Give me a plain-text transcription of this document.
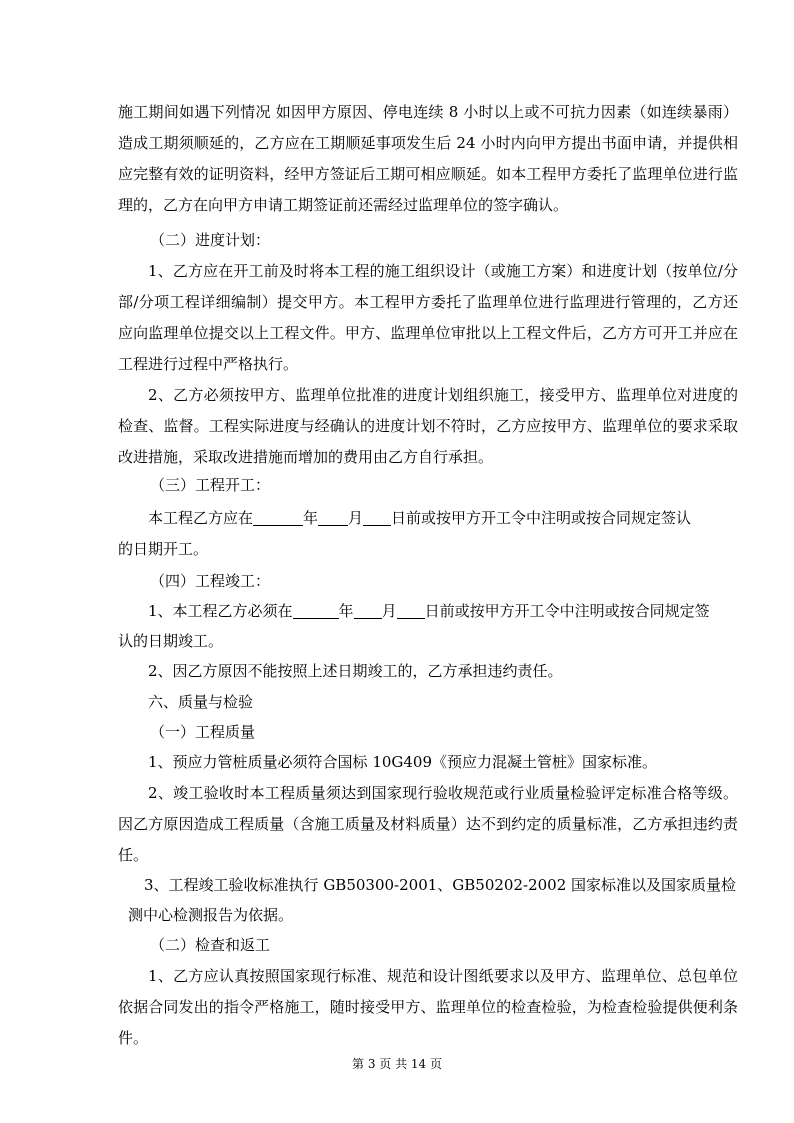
施工期间如遇下列情况 如因甲方原因、停电连续 8 小时以上或不可抗力因素（如连续暴雨）造成工期须顺延的，乙方应在工期顺延事项发生后 24 小时内向甲方提出书面申请，并提供相应完整有效的证明资料，经甲方签证后工期可相应顺延。如本工程甲方委托了监理单位进行监理的，乙方在向甲方申请工期签证前还需经过监理单位的签字确认。

（二）进度计划：

1、乙方应在开工前及时将本工程的施工组织设计（或施工方案）和进度计划（按单位/分部/分项工程详细编制）提交甲方。本工程甲方委托了监理单位进行监理进行管理的，乙方还应向监理单位提交以上工程文件。甲方、监理单位审批以上工程文件后，乙方方可开工并应在工程进行过程中严格执行。

2、乙方必须按甲方、监理单位批准的进度计划组织施工，接受甲方、监理单位对进度的检查、监督。工程实际进度与经确认的进度计划不符时，乙方应按甲方、监理单位的要求采取改进措施，采取改进措施而增加的费用由乙方自行承担。

（三）工程开工：

本工程乙方应在	年 月 日前或按甲方开工令中注明或按合同规定签认

的日期开工。

（四）工程竣工：

1、本工程乙方必须在	年 月 日前或按甲方开工令中注明或按合同规定签

认的日期竣工。

2、因乙方原因不能按照上述日期竣工的，乙方承担违约责任。

六、质量与检验

（一）工程质量

1、预应力管桩质量必须符合国标 10G409《预应力混凝土管桩》国家标准。

2、竣工验收时本工程质量须达到国家现行验收规范或行业质量检验评定标准合格等级。因乙方原因造成工程质量（含施工质量及材料质量）达不到约定的质量标准，乙方承担违约责任。

3、工程竣工验收标准执行 GB50300-2001、GB50202-2002 国家标准以及国家质量检

测中心检测报告为依据。

（二）检查和返工

1、乙方应认真按照国家现行标准、规范和设计图纸要求以及甲方、监理单位、总包单位依据合同发出的指令严格施工，随时接受甲方、监理单位的检查检验，为检查检验提供便利条件。

第 3 页 共 14 页
